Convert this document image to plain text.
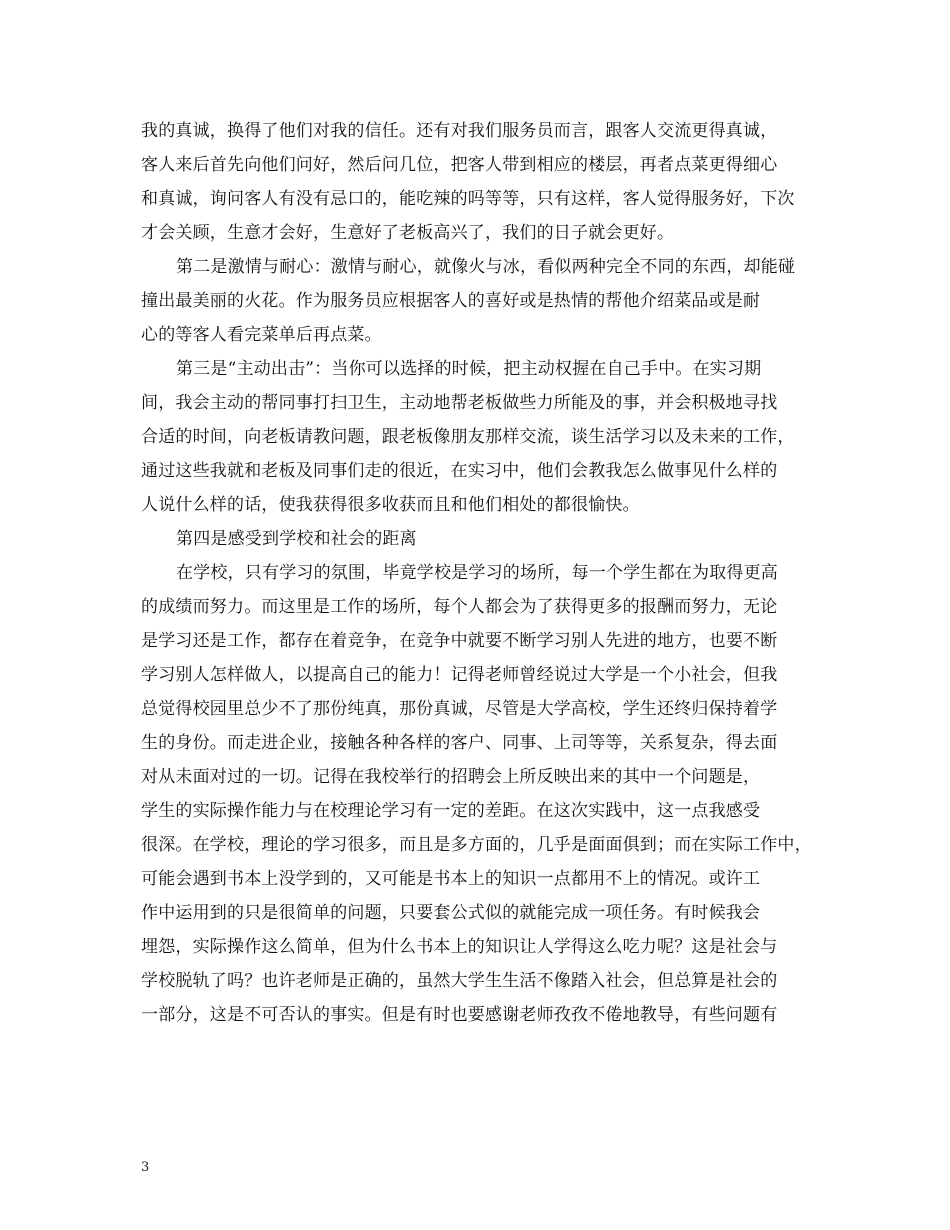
我的真诚，换得了他们对我的信任。还有对我们服务员而言，跟客人交流更得真诚，
客人来后首先向他们问好，然后问几位，把客人带到相应的楼层，再者点菜更得细心
和真诚，询问客人有没有忌口的，能吃辣的吗等等，只有这样，客人觉得服务好，下次
才会关顾，生意才会好，生意好了老板高兴了，我们的日子就会更好。
第二是激情与耐心：激情与耐心，就像火与冰，看似两种完全不同的东西，却能碰
撞出最美丽的火花。作为服务员应根据客人的喜好或是热情的帮他介绍菜品或是耐
心的等客人看完菜单后再点菜。
第三是“主动出击”：当你可以选择的时候，把主动权握在自己手中。在实习期
间，我会主动的帮同事打扫卫生，主动地帮老板做些力所能及的事，并会积极地寻找
合适的时间，向老板请教问题，跟老板像朋友那样交流，谈生活学习以及未来的工作，
通过这些我就和老板及同事们走的很近，在实习中，他们会教我怎么做事见什么样的
人说什么样的话，使我获得很多收获而且和他们相处的都很愉快。
第四是感受到学校和社会的距离
在学校，只有学习的氛围，毕竟学校是学习的场所，每一个学生都在为取得更高
的成绩而努力。而这里是工作的场所，每个人都会为了获得更多的报酬而努力，无论
是学习还是工作，都存在着竞争，在竞争中就要不断学习别人先进的地方，也要不断
学习别人怎样做人，以提高自己的能力！记得老师曾经说过大学是一个小社会，但我
总觉得校园里总少不了那份纯真，那份真诚，尽管是大学高校，学生还终归保持着学
生的身份。而走进企业，接触各种各样的客户、同事、上司等等，关系复杂，得去面
对从未面对过的一切。记得在我校举行的招聘会上所反映出来的其中一个问题是，
学生的实际操作能力与在校理论学习有一定的差距。在这次实践中，这一点我感受
很深。在学校，理论的学习很多，而且是多方面的，几乎是面面俱到；而在实际工作中，
可能会遇到书本上没学到的，又可能是书本上的知识一点都用不上的情况。或许工
作中运用到的只是很简单的问题，只要套公式似的就能完成一项任务。有时候我会
埋怨，实际操作这么简单，但为什么书本上的知识让人学得这么吃力呢？这是社会与
学校脱轨了吗？也许老师是正确的，虽然大学生生活不像踏入社会，但总算是社会的
一部分，这是不可否认的事实。但是有时也要感谢老师孜孜不倦地教导，有些问题有
3
